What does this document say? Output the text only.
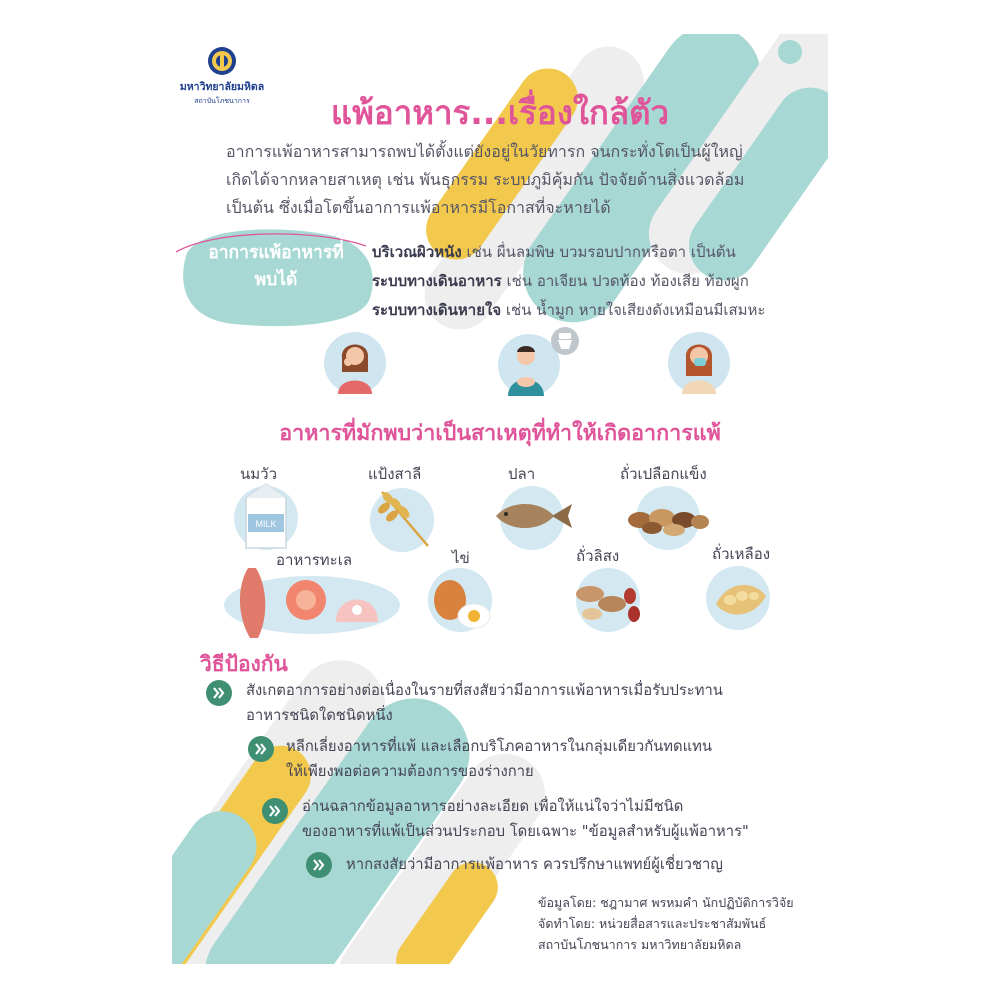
มหาวิทยาลัยมหิดล
สถาบันโภชนาการ	แพ้อาหาร...เรื่องใกล้ตัว
อาการแพ้อาหารสามารถพบได้ตั้งแต่ยังอยู่ในวัยทารก จนกระทั่งโตเป็นผู้ใหญ่
เกิดได้จากหลายสาเหตุ เช่น พันธุกรรม ระบบภูมิคุ้มกัน ปัจจัยด้านสิ่งแวดล้อม
เป็นต้น ซึ่งเมื่อโตขึ้นอาการแพ้อาหารมีโอกาสที่จะหายได้
อาการแพ้อาหารที่
พบได้
บริเวณผิวหนัง เช่น ผื่นลมพิษ บวมรอบปากหรือตา เป็นต้น
ระบบทางเดินอาหาร เช่น อาเจียน ปวดท้อง ท้องเสีย ท้องผูก
ระบบทางเดินหายใจ เช่น น้ำมูก หายใจเสียงดังเหมือนมีเสมหะ
อาหารที่มักพบว่าเป็นสาเหตุที่ทำให้เกิดอาการแพ้
นมวัว
MILK
แป้งสาลี	ปลา	ถั่วเปลือกแข็ง
อาหารทะเล	ไข่	ถั่วลิสง	ถั่วเหลือง
วิธีป้องกัน
สังเกตอาการอย่างต่อเนื่องในรายที่สงสัยว่ามีอาการแพ้อาหารเมื่อรับประทาน
อาหารชนิดใดชนิดหนึ่ง
หลีกเลี่ยงอาหารที่แพ้ และเลือกบริโภคอาหารในกลุ่มเดียวกันทดแทน
ให้เพียงพอต่อความต้องการของร่างกาย
อ่านฉลากข้อมูลอาหารอย่างละเอียด เพื่อให้แน่ใจว่าไม่มีชนิด
ของอาหารที่แพ้เป็นส่วนประกอบ โดยเฉพาะ "ข้อมูลสำหรับผู้แพ้อาหาร"
หากสงสัยว่ามีอาการแพ้อาหาร ควรปรึกษาแพทย์ผู้เชี่ยวชาญ
ข้อมูลโดย: ชฎามาศ พรหมคำ นักปฏิบัติการวิจัย
จัดทำโดย: หน่วยสื่อสารและประชาสัมพันธ์
สถาบันโภชนาการ มหาวิทยาลัยมหิดล
